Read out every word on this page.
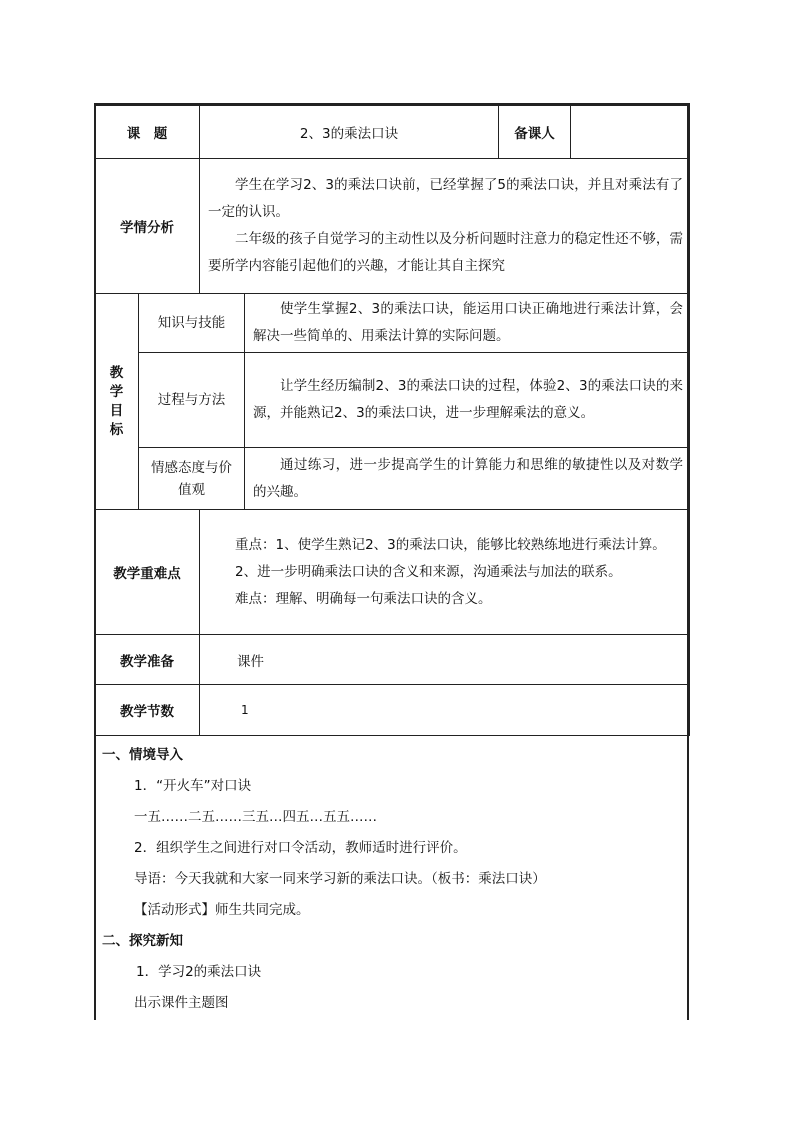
课　题		2、3的乘法口诀		备课人	
学情分析		学生在学习2、3的乘法口诀前，已经掌握了5的乘法口诀，并且对乘法有了一定的认识。
二年级的孩子自觉学习的主动性以及分析问题时注意力的稳定性还不够，需要所学内容能引起他们的兴趣，才能让其自主探究			

教
学
目
标	知识与技能		使学生掌握2、3的乘法口诀，能运用口诀正确地进行乘法计算，会解决一些简单的、用乘法计算的实际问题。		

	过程与方法		让学生经历编制2、3的乘法口诀的过程，体验2、3的乘法口诀的来源，并能熟记2、3的乘法口诀，进一步理解乘法的意义。		

	情感态度与价值观		通过练习，进一步提高学生的计算能力和思维的敏捷性以及对数学的兴趣。		

教学重难点		重点：1、使学生熟记2、3的乘法口诀，能够比较熟练地进行乘法计算。
2、进一步明确乘法口诀的含义和来源，沟通乘法与加法的联系。
难点：理解、明确每一句乘法口诀的含义。			

教学准备		课件			
教学节数		1			
一、情境导入
1．“开火车”对口诀
一五……二五……三五…四五…五五……
2．组织学生之间进行对口令活动，教师适时进行评价。
导语：今天我就和大家一同来学习新的乘法口诀。（板书：乘法口诀）
【活动形式】师生共同完成。
二、探究新知
1．学习2的乘法口诀
出示课件主题图
